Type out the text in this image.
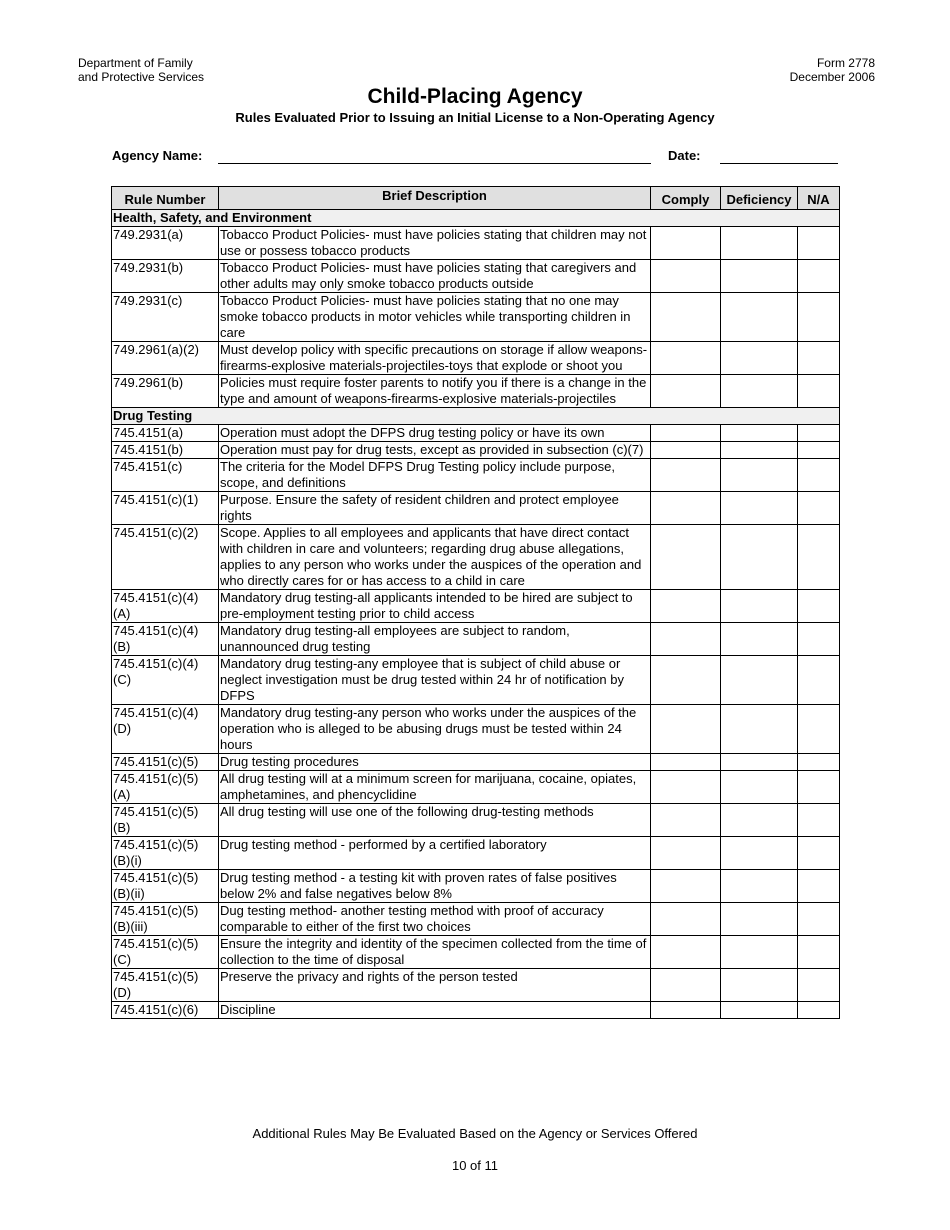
Department of Family
and Protective Services
Form 2778
December 2006
Child-Placing Agency
Rules Evaluated Prior to Issuing an Initial License to a Non-Operating Agency
Agency Name:	Date:
Rule Number	Brief Description	Comply	Deficiency	N/A
Health, Safety, and Environment				
749.2931(a)	Tobacco Product Policies- must have policies stating that children may not use or possess tobacco products			
749.2931(b)	Tobacco Product Policies- must have policies stating that caregivers and other adults may only smoke tobacco products outside			
749.2931(c)	Tobacco Product Policies- must have policies stating that no one may smoke tobacco products in motor vehicles while transporting children in care			
749.2961(a)(2)	Must develop policy with specific precautions on storage if allow weapons-firearms-explosive materials-projectiles-toys that explode or shoot you			
749.2961(b)	Policies must require foster parents to notify you if there is a change in the type and amount of weapons-firearms-explosive materials-projectiles			
Drug Testing				
745.4151(a)	Operation must adopt the DFPS drug testing policy or have its own			
745.4151(b)	Operation must pay for drug tests, except as provided in subsection (c)(7)			
745.4151(c)	The criteria for the Model DFPS Drug Testing policy include purpose, scope, and definitions			
745.4151(c)(1)	Purpose. Ensure the safety of resident children and protect employee rights			
745.4151(c)(2)	Scope. Applies to all employees and applicants that have direct contact with children in care and volunteers; regarding drug abuse allegations, applies to any person who works under the auspices of the operation and who directly cares for or has access to a child in care			
745.4151(c)(4) (A)	Mandatory drug testing-all applicants intended to be hired are subject to pre-employment testing prior to child access			
745.4151(c)(4) (B)	Mandatory drug testing-all employees are subject to random, unannounced drug testing			
745.4151(c)(4) (C)	Mandatory drug testing-any employee that is subject of child abuse or neglect investigation must be drug tested within 24 hr of notification by DFPS			
745.4151(c)(4) (D)	Mandatory drug testing-any person who works under the auspices of the operation who is alleged to be abusing drugs must be tested within 24 hours			
745.4151(c)(5)	Drug testing procedures			
745.4151(c)(5) (A)	All drug testing will at a minimum screen for marijuana, cocaine, opiates, amphetamines, and phencyclidine			
745.4151(c)(5) (B)	All drug testing will use one of the following drug-testing methods			
745.4151(c)(5) (B)(i)	Drug testing method - performed by a certified laboratory			
745.4151(c)(5) (B)(ii)	Drug testing method - a testing kit with proven rates of false positives below 2% and false negatives below 8%			
745.4151(c)(5) (B)(iii)	Dug testing method- another testing method with proof of accuracy comparable to either of the first two choices			
745.4151(c)(5) (C)	Ensure the integrity and identity of the specimen collected from the time of collection to the time of disposal			
745.4151(c)(5) (D)	Preserve the privacy and rights of the person tested			
745.4151(c)(6)	Discipline			
Additional Rules May Be Evaluated Based on the Agency or Services Offered
10 of 11
